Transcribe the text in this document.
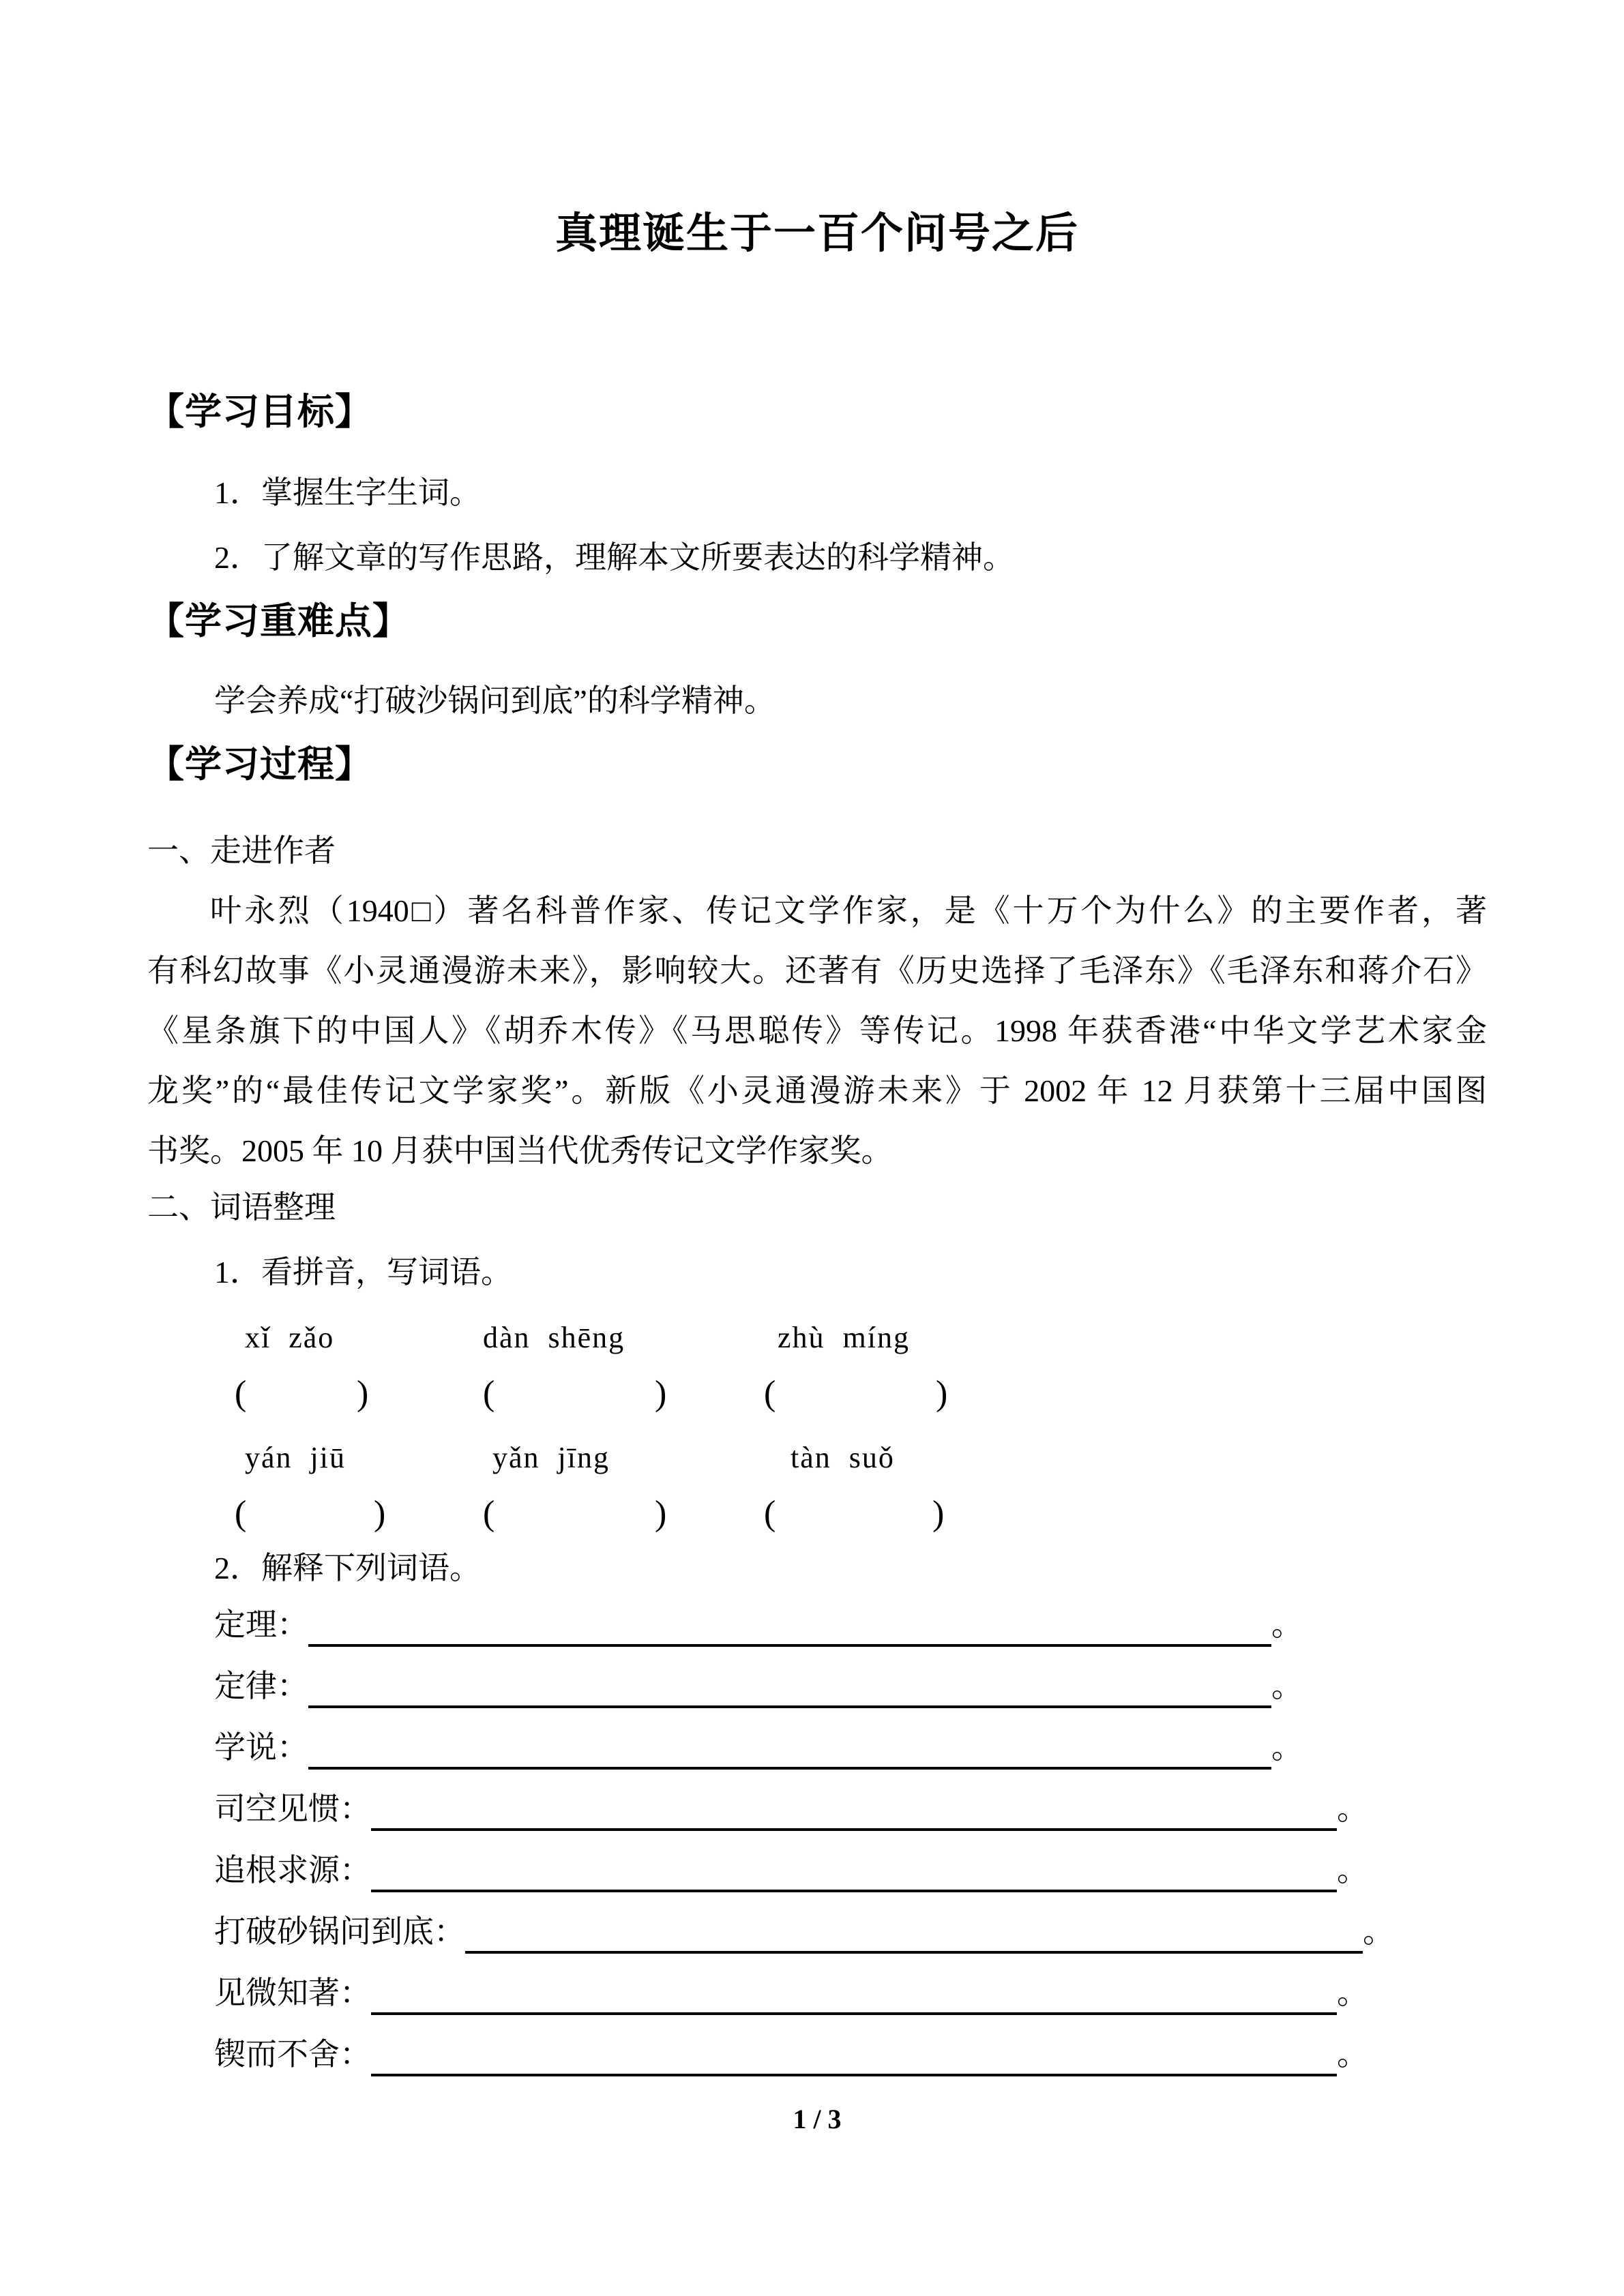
真理诞生于一百个问号之后
【学习目标】
1．掌握生字生词。
2．了解文章的写作思路，理解本文所要表达的科学精神。
【学习重难点】
学会养成“打破沙锅问到底”的科学精神。
【学习过程】
一、走进作者
叶永烈（1940□）著名科普作家、传记文学作家，是《十万个为什么》的主要作者，著
有科幻故事《小灵通漫游未来》，影响较大。还著有《历史选择了毛泽东》《毛泽东和蒋介石》
《星条旗下的中国人》《胡乔木传》《马思聪传》等传记。1998 年获香港“中华文学艺术家金
龙奖”的“最佳传记文学家奖”。新版《小灵通漫游未来》于 2002 年 12 月获第十三届中国图
书奖。2005 年 10 月获中国当代优秀传记文学作家奖。
二、词语整理
1．看拼音，写词语。
xǐ  zǎo	dàn  shēng	zhù  míng
(	)	(	)	(	)
yán  jiū	yǎn  jīng	tàn  suǒ
(	)	(	)	(	)
2．解释下列词语。
定理：	。
定律：	。
学说：	。
司空见惯：	。
追根求源：	。
打破砂锅问到底：	。
见微知著：	。
锲而不舍：	。
1 / 3
